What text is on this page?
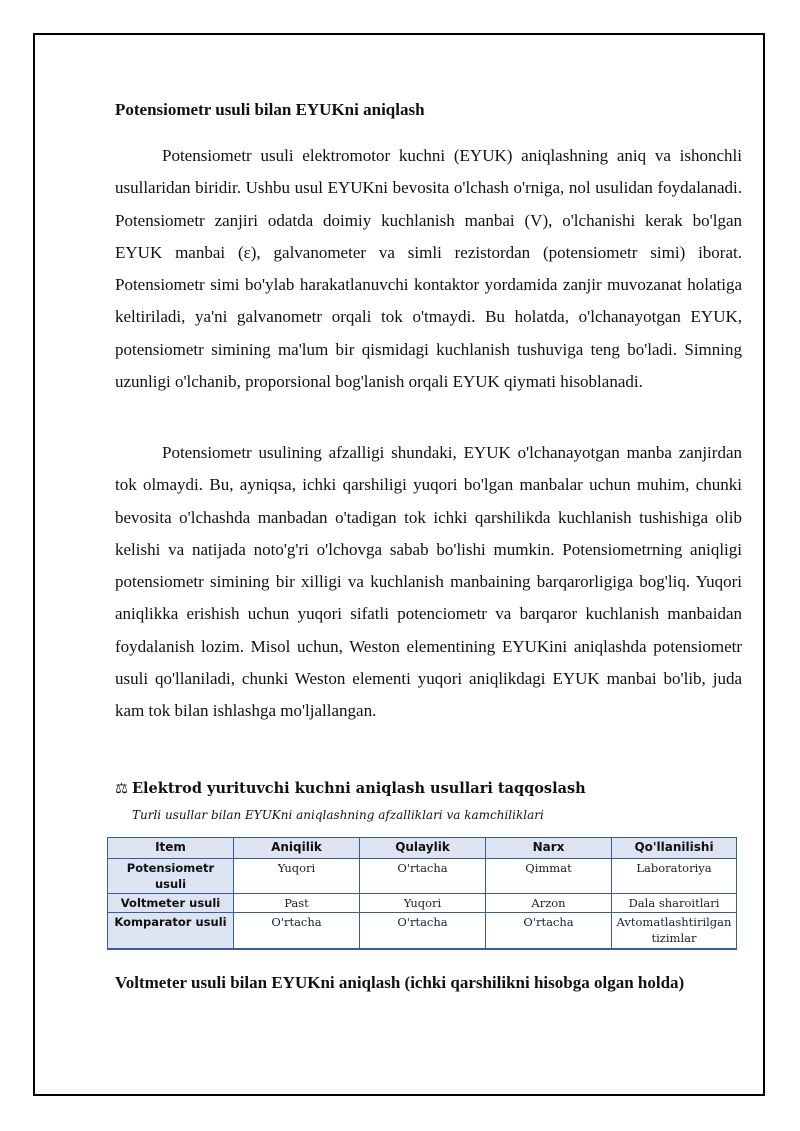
Potensiometr usuli bilan EYUKni aniqlash

Potensiometr usuli elektromotor kuchni (EYUK) aniqlashning aniq va ishonchli usullaridan biridir. Ushbu usul EYUKni bevosita o'lchash o'rniga, nol usulidan foydalanadi. Potensiometr zanjiri odatda doimiy kuchlanish manbai (V), o'lchanishi kerak bo'lgan EYUK manbai (ε), galvanometer va simli rezistordan (potensiometr simi) iborat. Potensiometr simi bo'ylab harakatlanuvchi kontaktor yordamida zanjir muvozanat holatiga keltiriladi, ya'ni galvanometr orqali tok o'tmaydi. Bu holatda, o'lchanayotgan EYUK, potensiometr simining ma'lum bir qismidagi kuchlanish tushuviga teng bo'ladi. Simning uzunligi o'lchanib, proporsional bog'lanish orqali EYUK qiymati hisoblanadi.

Potensiometr usulining afzalligi shundaki, EYUK o'lchanayotgan manba zanjirdan tok olmaydi. Bu, ayniqsa, ichki qarshiligi yuqori bo'lgan manbalar uchun muhim, chunki bevosita o'lchashda manbadan o'tadigan tok ichki qarshilikda kuchlanish tushishiga olib kelishi va natijada noto'g'ri o'lchovga sabab bo'lishi mumkin. Potensiometrning aniqligi potensiometr simining bir xilligi va kuchlanish manbaining barqarorligiga bog'liq. Yuqori aniqlikka erishish uchun yuqori sifatli potenciometr va barqaror kuchlanish manbaidan foydalanish lozim. Misol uchun, Weston elementining EYUKini aniqlashda potensiometr usuli qo'llaniladi, chunki Weston elementi yuqori aniqlikdagi EYUK manbai bo'lib, juda kam tok bilan ishlashga mo'ljallangan.

⚖ Elektrod yurituvchi kuchni aniqlash usullari taqqoslash
Turli usullar bilan EYUKni aniqlashning afzalliklari va kamchiliklari
Voltmeter usuli bilan EYUKni aniqlash (ichki qarshilikni hisobga olgan holda)
Item	Aniqilik	Qulaylik	Narx	Qo'llanilishi
Potensiometr usuli	Yuqori	O'rtacha	Qimmat	Laboratoriya
Voltmeter usuli	Past	Yuqori	Arzon	Dala sharoitlari
Komparator usuli	O'rtacha	O'rtacha	O'rtacha	Avtomatlashtirilgan tizimlar
